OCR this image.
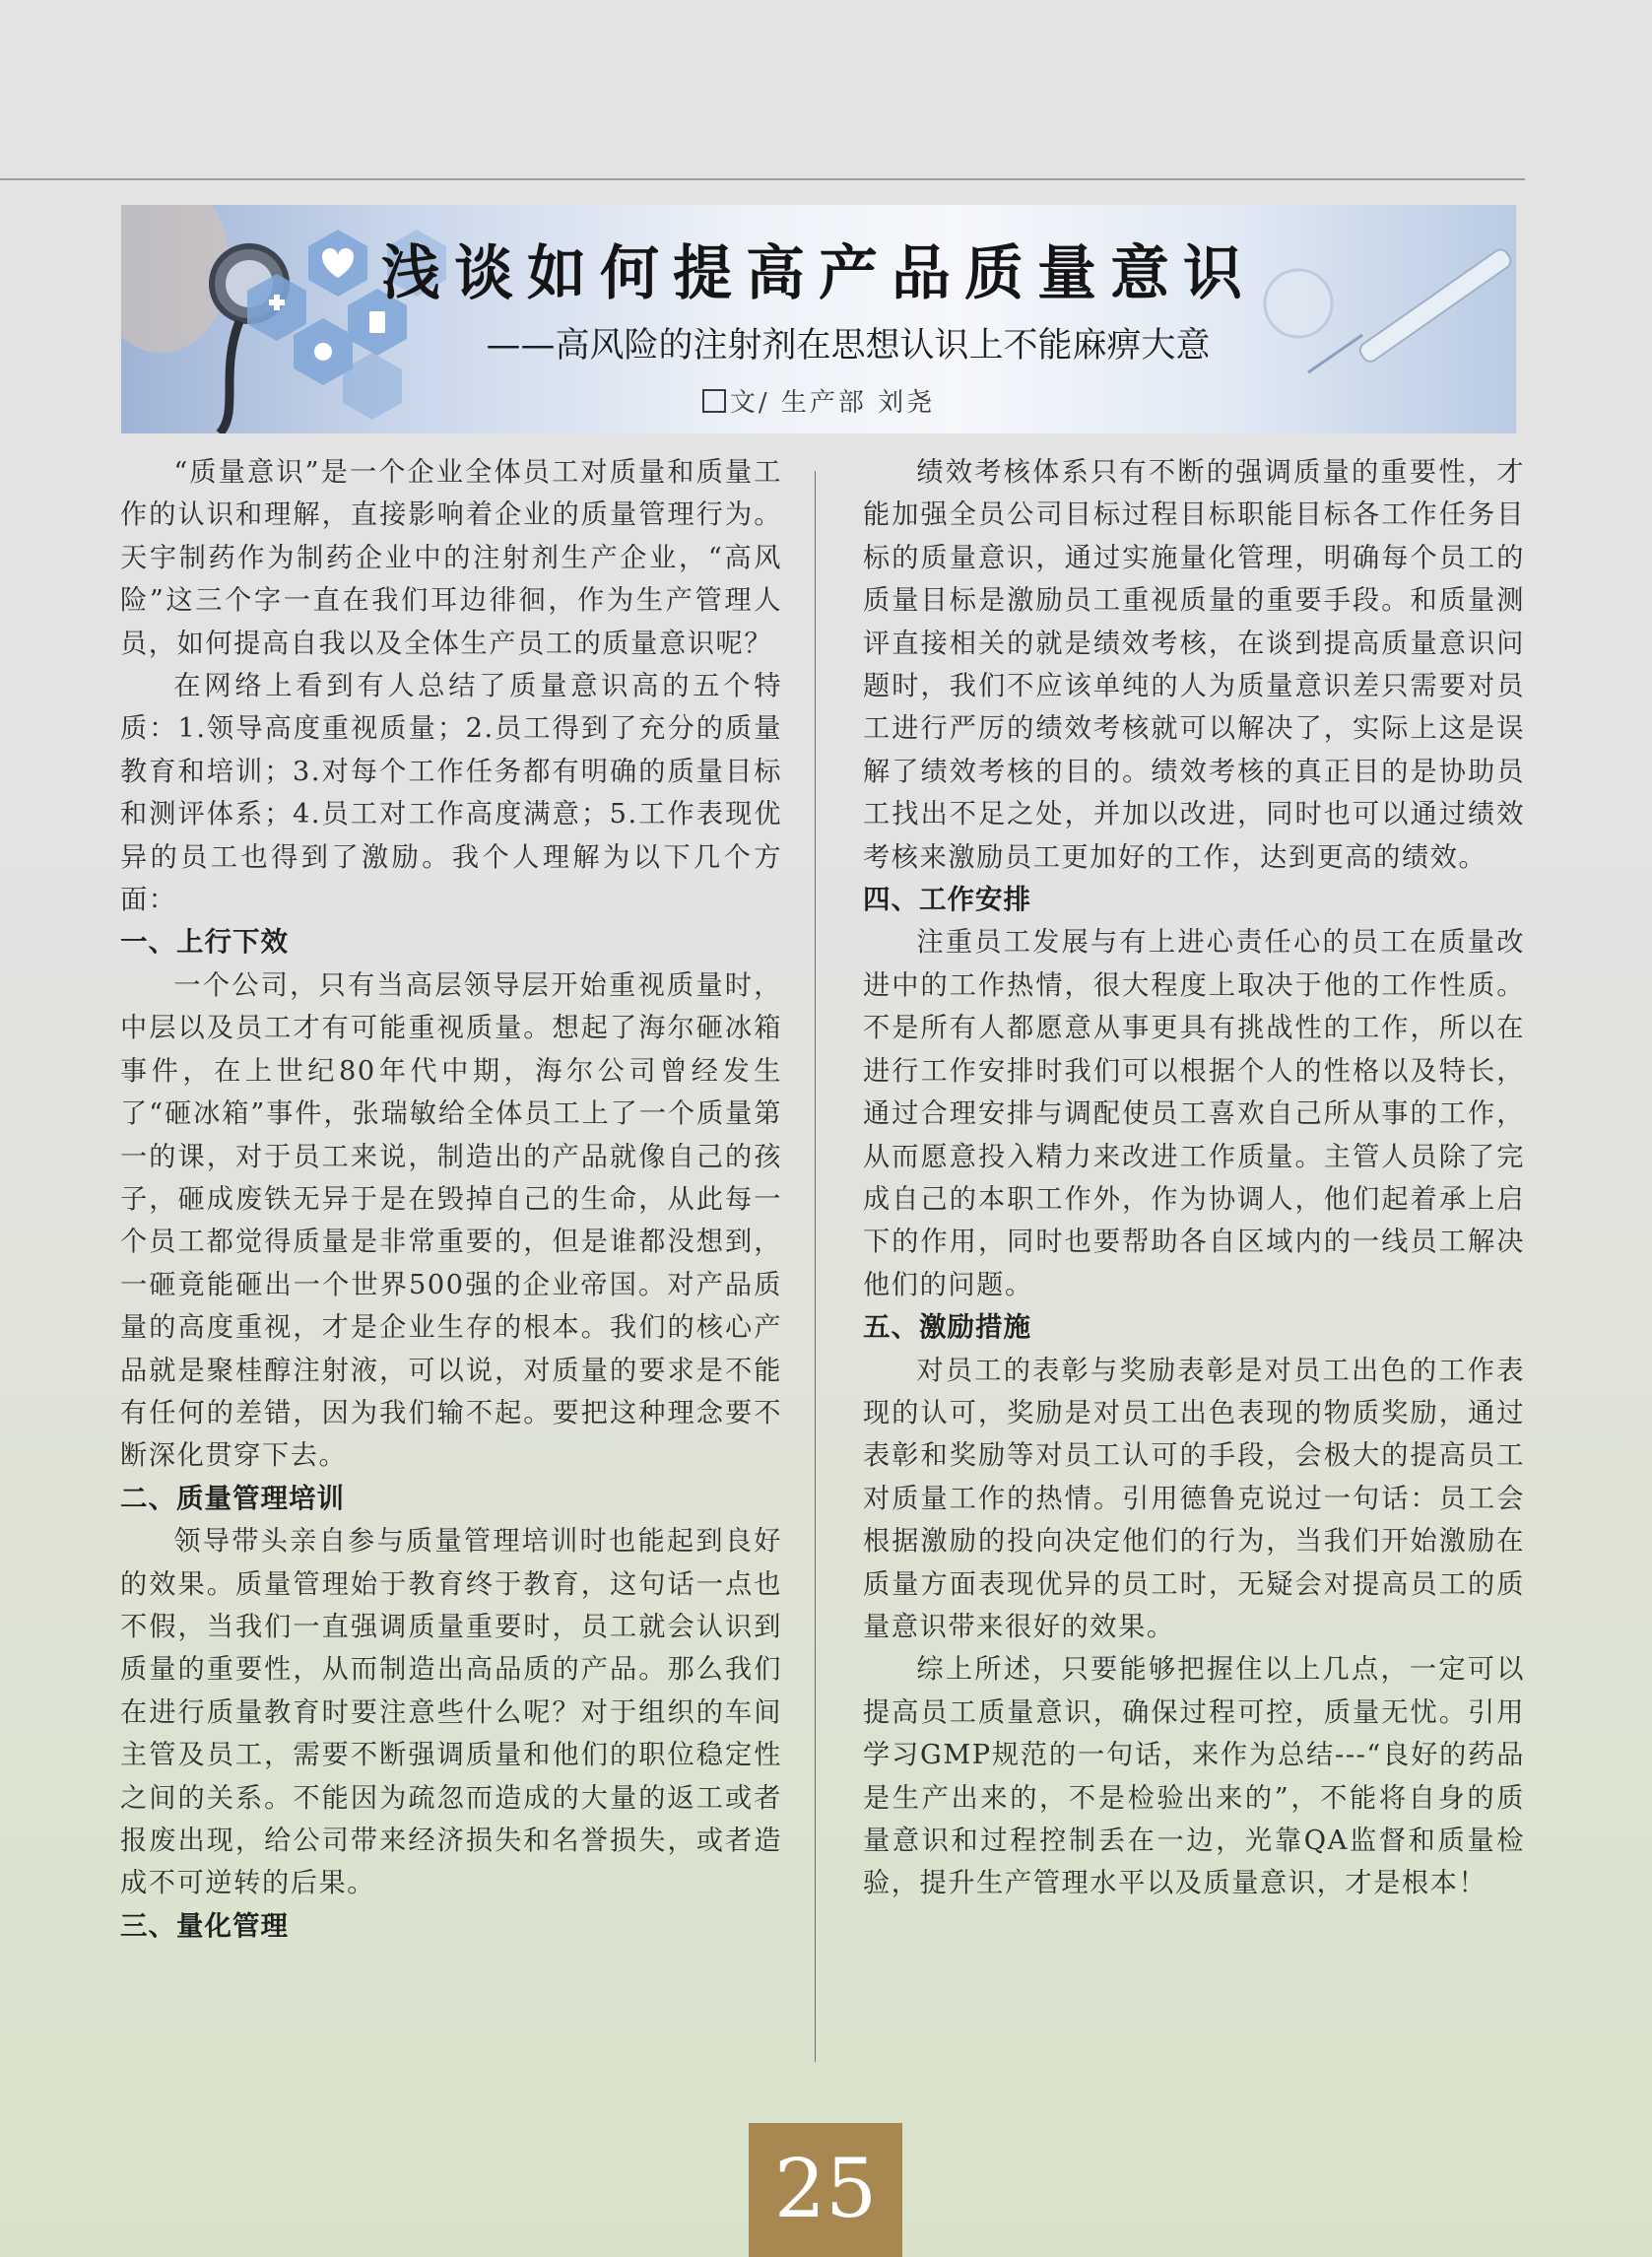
浅谈如何提高产品质量意识
——高风险的注射剂在思想认识上不能麻痹大意
文/ 生产部 刘尧

“质量意识”是一个企业全体员工对质量和质量工作的认识和理解，直接影响着企业的质量管理行为。天宇制药作为制药企业中的注射剂生产企业，“高风险”这三个字一直在我们耳边徘徊，作为生产管理人员，如何提高自我以及全体生产员工的质量意识呢？

在网络上看到有人总结了质量意识高的五个特质：1.领导高度重视质量；2.员工得到了充分的质量教育和培训；3.对每个工作任务都有明确的质量目标和测评体系；4.员工对工作高度满意；5.工作表现优异的员工也得到了激励。我个人理解为以下几个方面：

一、上行下效

一个公司，只有当高层领导层开始重视质量时，中层以及员工才有可能重视质量。想起了海尔砸冰箱事件，在上世纪80年代中期，海尔公司曾经发生了“砸冰箱”事件，张瑞敏给全体员工上了一个质量第一的课，对于员工来说，制造出的产品就像自己的孩子，砸成废铁无异于是在毁掉自己的生命，从此每一个员工都觉得质量是非常重要的，但是谁都没想到，一砸竟能砸出一个世界500强的企业帝国。对产品质量的高度重视，才是企业生存的根本。我们的核心产品就是聚桂醇注射液，可以说，对质量的要求是不能有任何的差错，因为我们输不起。要把这种理念要不断深化贯穿下去。

二、质量管理培训

领导带头亲自参与质量管理培训时也能起到良好的效果。质量管理始于教育终于教育，这句话一点也不假，当我们一直强调质量重要时，员工就会认识到质量的重要性，从而制造出高品质的产品。那么我们在进行质量教育时要注意些什么呢？对于组织的车间主管及员工，需要不断强调质量和他们的职位稳定性之间的关系。不能因为疏忽而造成的大量的返工或者报废出现，给公司带来经济损失和名誉损失，或者造成不可逆转的后果。

三、量化管理

绩效考核体系只有不断的强调质量的重要性，才能加强全员公司目标过程目标职能目标各工作任务目标的质量意识，通过实施量化管理，明确每个员工的质量目标是激励员工重视质量的重要手段。和质量测评直接相关的就是绩效考核，在谈到提高质量意识问题时，我们不应该单纯的人为质量意识差只需要对员工进行严厉的绩效考核就可以解决了，实际上这是误解了绩效考核的目的。绩效考核的真正目的是协助员工找出不足之处，并加以改进，同时也可以通过绩效考核来激励员工更加好的工作，达到更高的绩效。

四、工作安排

注重员工发展与有上进心责任心的员工在质量改进中的工作热情，很大程度上取决于他的工作性质。不是所有人都愿意从事更具有挑战性的工作，所以在进行工作安排时我们可以根据个人的性格以及特长，通过合理安排与调配使员工喜欢自己所从事的工作，从而愿意投入精力来改进工作质量。主管人员除了完成自己的本职工作外，作为协调人，他们起着承上启下的作用，同时也要帮助各自区域内的一线员工解决他们的问题。

五、激励措施

对员工的表彰与奖励表彰是对员工出色的工作表现的认可，奖励是对员工出色表现的物质奖励，通过表彰和奖励等对员工认可的手段，会极大的提高员工对质量工作的热情。引用德鲁克说过一句话：员工会根据激励的投向决定他们的行为，当我们开始激励在质量方面表现优异的员工时，无疑会对提高员工的质量意识带来很好的效果。

综上所述，只要能够把握住以上几点，一定可以提高员工质量意识，确保过程可控，质量无忧。引用学习GMP规范的一句话，来作为总结---“良好的药品是生产出来的，不是检验出来的”，不能将自身的质量意识和过程控制丢在一边，光靠QA监督和质量检验，提升生产管理水平以及质量意识，才是根本！

25
